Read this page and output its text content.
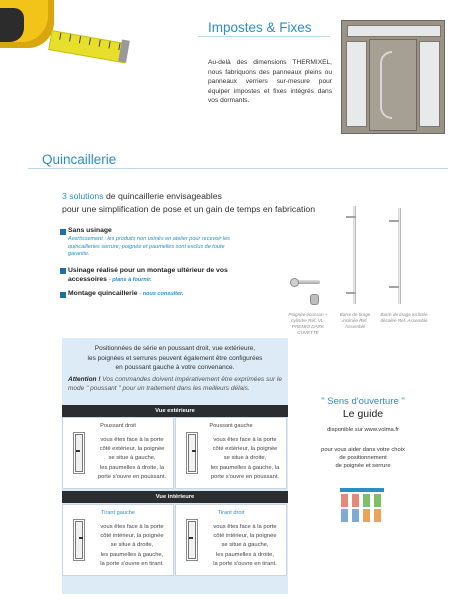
Impostes & Fixes
Au-delà des dimensions THERMIXEL, nous fabriquons des panneaux pleins ou panneaux verriers sur-mesure pour équiper impostes et fixes intégrés dans vos dormants.
Quincaillerie
3 solutions de quincaillerie envisageables
pour une simplification de pose et un gain de temps en fabrication
Sans usinage
Avertissement : les produits non usinés en atelier pour recevoir les quincailleries serrure, poignée et paumelles sont exclus de toute garantie.
Usinage réalisé pour un montage ultérieur de vos accessoires - plans à fournir.
Montage quincaillerie - nous consulter.
Poignée écusson + cylindre Réf. VL-PREMIO DARK CUVETTE
Barre de tirage inclinée Réf. Assemblé
Barre de tirage inclinée décalée Réf. Assemblé
Positionnées de série en poussant droit, vue extérieure,
les poignées et serrures peuvent également être configurées
en poussant gauche à votre convenance.
Attention ! Vos commandes doivent impérativement être exprimées sur le mode " poussant " pour un traitement dans les meilleurs délais.
Vue extérieure
Poussant droit
vous êtes face à la porte
côté extérieur, la poignée
se situe à gauche,
les paumelles à droite, la
porte s'ouvre en poussant.
Poussant gauche
vous êtes face à la porte
côté extérieur, la poignée
se situe à droite,
les paumelles à gauche, la
porte s'ouvre en poussant.
Vue intérieure
Tirant gauche
vous êtes face à la porte
côté intérieur, la poignée
se situe à droite,
les paumelles à gauche,
la porte s'ouvre en tirant.
Tirant droit
vous êtes face à la porte
côté intérieur, la poignée
se situe à gauche,
les paumelles à droite,
la porte s'ouvre en tirant.
" Sens d'ouverture "
Le guide
disponible sur www.volma.fr
pour vous aider dans votre choix
de positionnement
de poignée et serrure
